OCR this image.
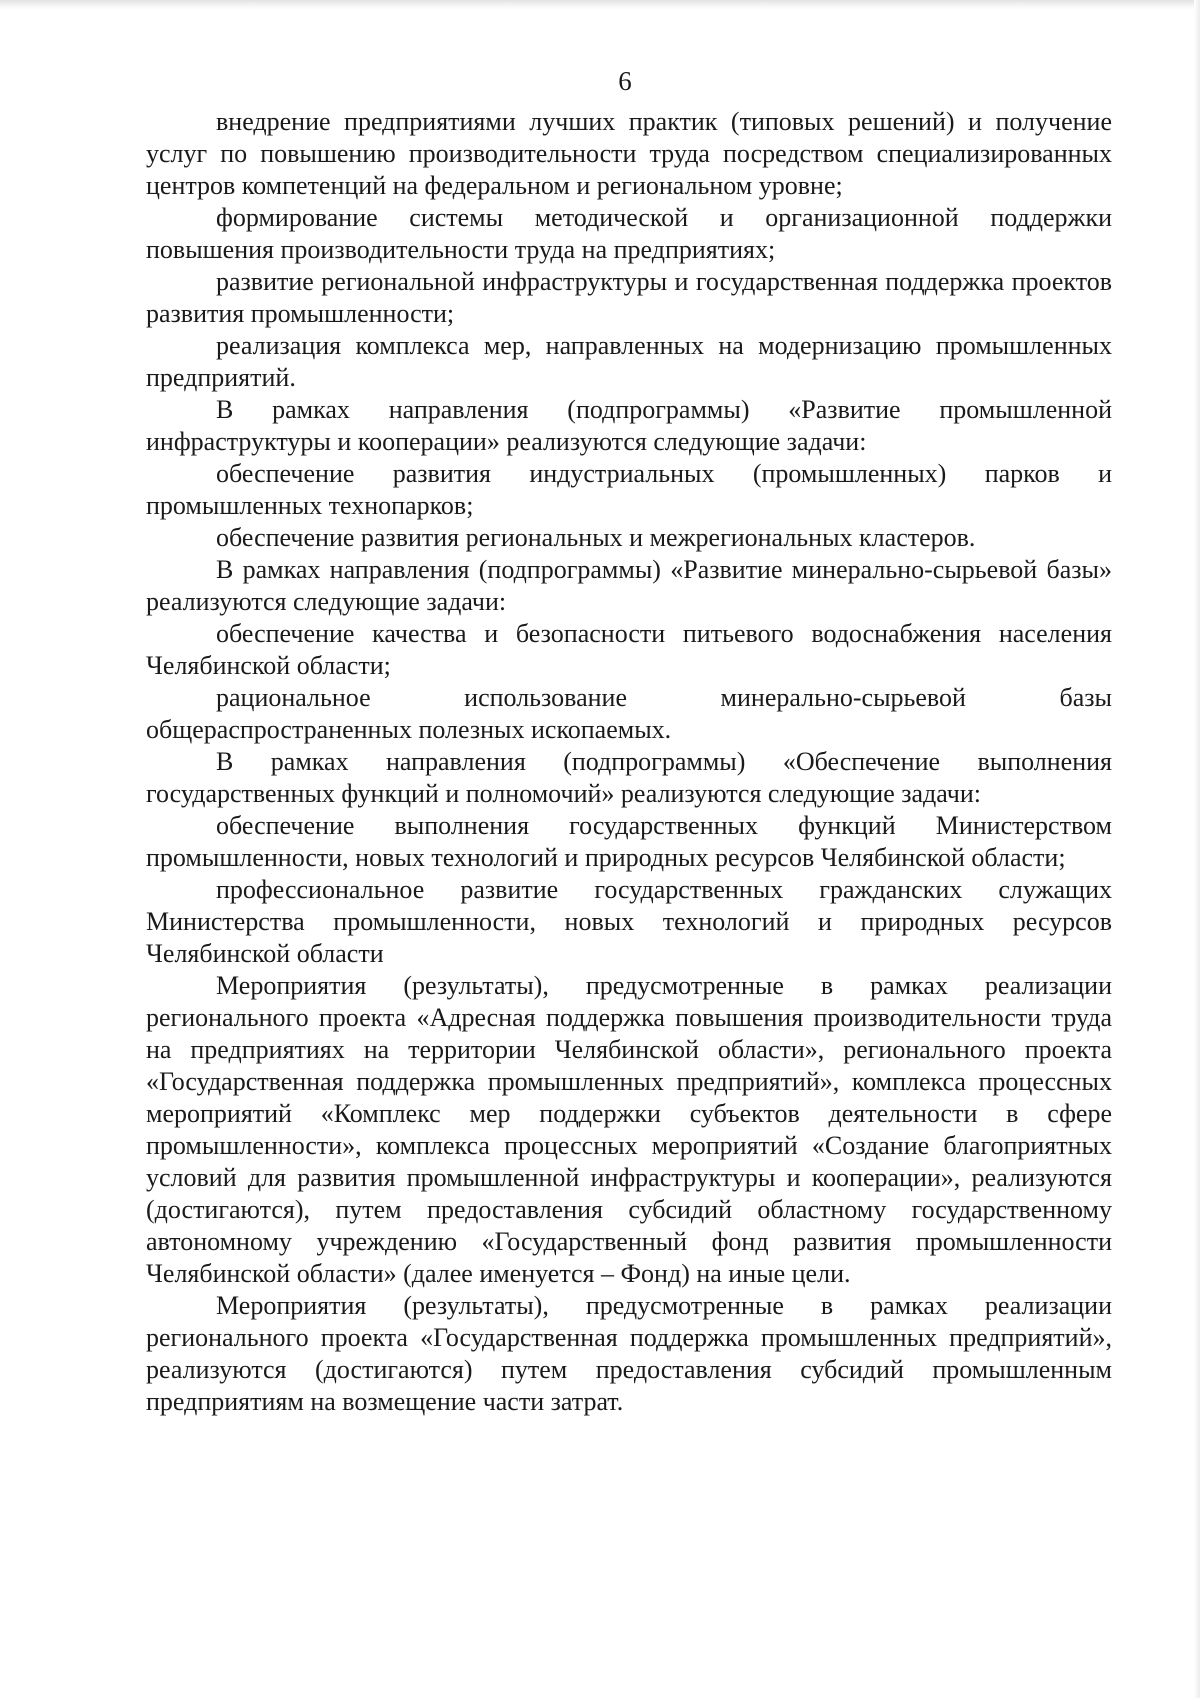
6

внедрение предприятиями лучших практик (типовых решений) и получение услуг по повышению производительности труда посредством специализированных центров компетенций на федеральном и региональном уровне;

формирование системы методической и организационной поддержки повышения производительности труда на предприятиях;

развитие региональной инфраструктуры и государственная поддержка проектов развития промышленности;

реализация комплекса мер, направленных на модернизацию промышленных предприятий.

В рамках направления (подпрограммы) «Развитие промышленной инфраструктуры и кооперации» реализуются следующие задачи:

обеспечение развития индустриальных (промышленных) парков и промышленных технопарков;

обеспечение развития региональных и межрегиональных кластеров.

В рамках направления (подпрограммы) «Развитие минерально-сырьевой базы» реализуются следующие задачи:

обеспечение качества и безопасности питьевого водоснабжения населения Челябинской области;

рациональное использование минерально-сырьевой базы общераспространенных полезных ископаемых.

В рамках направления (подпрограммы) «Обеспечение выполнения государственных функций и полномочий» реализуются следующие задачи:

обеспечение выполнения государственных функций Министерством промышленности, новых технологий и природных ресурсов Челябинской области;

профессиональное развитие государственных гражданских служащих Министерства промышленности, новых технологий и природных ресурсов Челябинской области

Мероприятия (результаты), предусмотренные в рамках реализации регионального проекта «Адресная поддержка повышения производительности труда на предприятиях на территории Челябинской области», регионального проекта «Государственная поддержка промышленных предприятий», комплекса процессных мероприятий «Комплекс мер поддержки субъектов деятельности в сфере промышленности», комплекса процессных мероприятий «Создание благоприятных условий для развития промышленной инфраструктуры и кооперации», реализуются (достигаются), путем предоставления субсидий областному государственному автономному учреждению «Государственный фонд развития промышленности Челябинской области» (далее именуется – Фонд) на иные цели.

Мероприятия (результаты), предусмотренные в рамках реализации регионального проекта «Государственная поддержка промышленных предприятий», реализуются (достигаются) путем предоставления субсидий промышленным предприятиям на возмещение части затрат.
